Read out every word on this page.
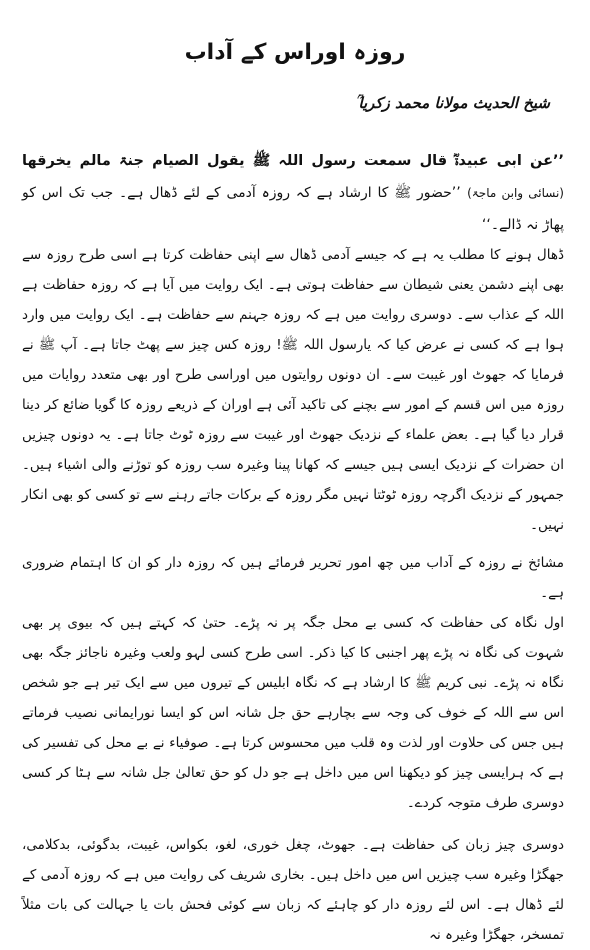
روزہ اوراس کے آداب
شیخ الحدیث مولانا محمد زکریا ؒ
’’عن ابی عبیدۃؓ قال سمعت رسول اللہ ﷺ یقول الصیام جنۃ مالم یخرقھا (نسائی وابن ماجۃ) ’’حضور ﷺ کا ارشاد ہے کہ روزہ آدمی کے لئے ڈھال ہے۔ جب تک اس کو پھاڑ نہ ڈالے۔‘‘

ڈھال ہونے کا مطلب یہ ہے کہ جیسے آدمی ڈھال سے اپنی حفاظت کرتا ہے اسی طرح روزہ سے بھی اپنے دشمن یعنی شیطان سے حفاظت ہوتی ہے۔ ایک روایت میں آیا ہے کہ روزہ حفاظت ہے اللہ کے عذاب سے۔ دوسری روایت میں ہے کہ روزہ جہنم سے حفاظت ہے۔ ایک روایت میں وارد ہوا ہے کہ کسی نے عرض کیا کہ یارسول اللہ ﷺ! روزہ کس چیز سے پھٹ جاتا ہے۔ آپ ﷺ نے فرمایا کہ جھوٹ اور غیبت سے۔ ان دونوں روایتوں میں اوراسی طرح اور بھی متعدد روایات میں روزہ میں اس قسم کے امور سے بچنے کی تاکید آئی ہے اوران کے ذریعے روزہ کا گویا ضائع کر دینا قرار دیا گیا ہے۔ بعض علماء کے نزدیک جھوٹ اور غیبت سے روزہ ٹوٹ جاتا ہے۔ یہ دونوں چیزیں ان حضرات کے نزدیک ایسی ہیں جیسے کہ کھانا پینا وغیرہ سب روزہ کو توڑنے والی اشیاء ہیں۔ جمہور کے نزدیک اگرچہ روزہ ٹوٹتا نہیں مگر روزہ کے برکات جاتے رہنے سے تو کسی کو بھی انکار نہیں۔

مشائخ نے روزہ کے آداب میں چھ امور تحریر فرمائے ہیں کہ روزہ دار کو ان کا اہتمام ضروری ہے۔

اول نگاہ کی حفاظت کہ کسی بے محل جگہ پر نہ پڑے۔ حتیٰ کہ کہتے ہیں کہ بیوی پر بھی شہوت کی نگاہ نہ پڑے پھر اجنبی کا کیا ذکر۔ اسی طرح کسی لہو ولعب وغیرہ ناجائز جگہ بھی نگاہ نہ پڑے۔ نبی کریم ﷺ کا ارشاد ہے کہ نگاہ ابلیس کے تیروں میں سے ایک تیر ہے جو شخص اس سے اللہ کے خوف کی وجہ سے بچارہے حق جل شانہ اس کو ایسا نورایمانی نصیب فرماتے ہیں جس کی حلاوت اور لذت وہ قلب میں محسوس کرتا ہے۔ صوفیاء نے بے محل کی تفسیر کی ہے کہ ہرایسی چیز کو دیکھنا اس میں داخل ہے جو دل کو حق تعالیٰ جل شانہ سے ہٹا کر کسی دوسری طرف متوجہ کردے۔

دوسری چیز زبان کی حفاظت ہے۔ جھوٹ، چغل خوری، لغو، بکواس، غیبت، بدگوئی، بدکلامی، جھگڑا وغیرہ سب چیزیں اس میں داخل ہیں۔ بخاری شریف کی روایت میں ہے کہ روزہ آدمی کے لئے ڈھال ہے۔ اس لئے روزہ دار کو چاہئے کہ زبان سے کوئی فحش بات یا جہالت کی بات مثلاً تمسخر، جھگڑا وغیرہ نہ
